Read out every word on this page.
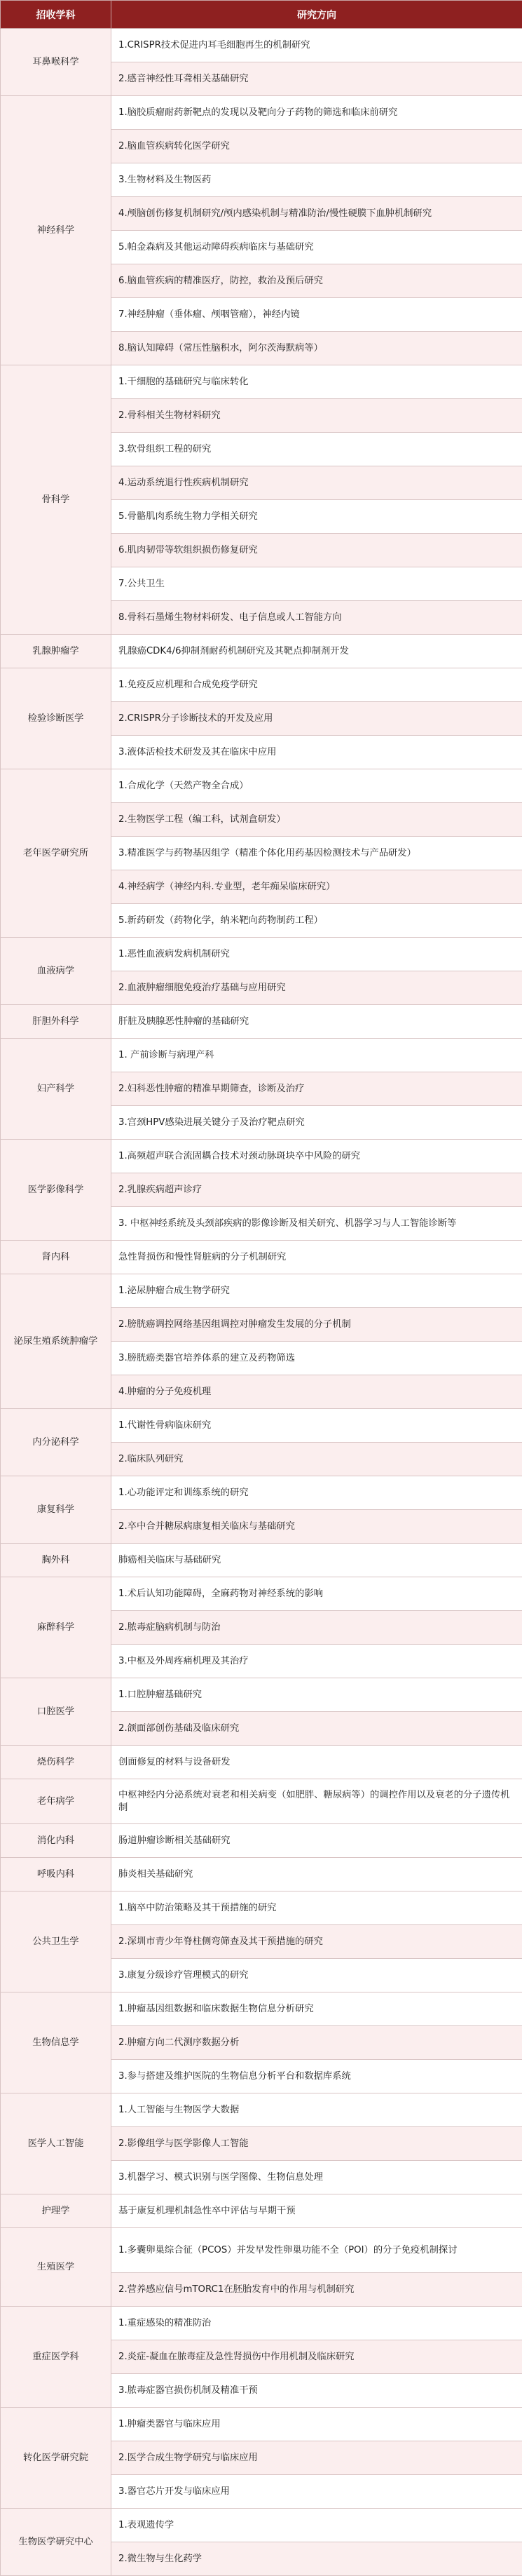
招收学科	研究方向
耳鼻喉科学	1.CRISPR技术促进内耳毛细胞再生的机制研究
	2.感音神经性耳聋相关基础研究
神经科学	1.脑胶质瘤耐药新靶点的发现以及靶向分子药物的筛选和临床前研究
	2.脑血管疾病转化医学研究
	3.生物材料及生物医药
	4.颅脑创伤修复机制研究/颅内感染机制与精准防治/慢性硬膜下血肿机制研究
	5.帕金森病及其他运动障碍疾病临床与基础研究
	6.脑血管疾病的精准医疗，防控，救治及预后研究
	7.神经肿瘤（垂体瘤、颅咽管瘤），神经内镜
	8.脑认知障碍（常压性脑积水，阿尔茨海默病等）
骨科学	1.干细胞的基础研究与临床转化
	2.骨科相关生物材料研究
	3.软骨组织工程的研究
	4.运动系统退行性疾病机制研究
	5.骨骼肌肉系统生物力学相关研究
	6.肌肉韧带等软组织损伤修复研究
	7.公共卫生
	8.骨科石墨烯生物材料研发、电子信息或人工智能方向
乳腺肿瘤学	乳腺癌CDK4/6抑制剂耐药机制研究及其靶点抑制剂开发
检验诊断医学	1.免疫反应机理和合成免疫学研究
	2.CRISPR分子诊断技术的开发及应用
	3.液体活检技术研发及其在临床中应用
老年医学研究所	1.合成化学（天然产物全合成）
	2.生物医学工程（编工科，试剂盒研发）
	3.精准医学与药物基因组学（精准个体化用药基因检测技术与产品研发）
	4.神经病学（神经内科.专业型，老年痴呆临床研究）
	5.新药研发（药物化学，纳米靶向药物制药工程）
血液病学	1.恶性血液病发病机制研究
	2.血液肿瘤细胞免疫治疗基础与应用研究
肝胆外科学	肝脏及胰腺恶性肿瘤的基础研究
妇产科学	1. 产前诊断与病理产科
	2.妇科恶性肿瘤的精准早期筛查，诊断及治疗
	3.宫颈HPV感染进展关键分子及治疗靶点研究
医学影像科学	1.高频超声联合流固耦合技术对颈动脉斑块卒中风险的研究
	2.乳腺疾病超声诊疗
	3. 中枢神经系统及头颈部疾病的影像诊断及相关研究、机器学习与人工智能诊断等
肾内科	急性肾损伤和慢性肾脏病的分子机制研究
泌尿生殖系统肿瘤学	1.泌尿肿瘤合成生物学研究
	2.膀胱癌调控网络基因组调控对肿瘤发生发展的分子机制
	3.膀胱癌类器官培养体系的建立及药物筛选
	4.肿瘤的分子免疫机理
内分泌科学	1.代谢性骨病临床研究
	2.临床队列研究
康复科学	1.心功能评定和训练系统的研究
	2.卒中合并糖尿病康复相关临床与基础研究
胸外科	肺癌相关临床与基础研究
麻醉科学	1.术后认知功能障碍，全麻药物对神经系统的影响
	2.脓毒症脑病机制与防治
	3.中枢及外周疼痛机理及其治疗
口腔医学	1.口腔肿瘤基础研究
	2.颌面部创伤基础及临床研究
烧伤科学	创面修复的材料与设备研发
老年病学	中枢神经内分泌系统对衰老和相关病变（如肥胖、糖尿病等）的调控作用以及衰老的分子遗传机制
消化内科	肠道肿瘤诊断相关基础研究
呼吸内科	肺炎相关基础研究
公共卫生学	1.脑卒中防治策略及其干预措施的研究
	2.深圳市青少年脊柱侧弯筛查及其干预措施的研究
	3.康复分级诊疗管理模式的研究
生物信息学	1.肿瘤基因组数据和临床数据生物信息分析研究
	2.肿瘤方向二代测序数据分析
	3.参与搭建及维护医院的生物信息分析平台和数据库系统
医学人工智能	1.人工智能与生物医学大数据
	2.影像组学与医学影像人工智能
	3.机器学习、模式识别与医学图像、生物信息处理
护理学	基于康复机理机制急性卒中评估与早期干预
生殖医学	1.多囊卵巢综合征（PCOS）并发早发性卵巢功能不全（POI）的分子免疫机制探讨
	2.营养感应信号mTORC1在胚胎发育中的作用与机制研究
重症医学科	1.重症感染的精准防治
	2.炎症-凝血在脓毒症及急性肾损伤中作用机制及临床研究
	3.脓毒症器官损伤机制及精准干预
转化医学研究院	1.肿瘤类器官与临床应用
	2.医学合成生物学研究与临床应用
	3.器官芯片开发与临床应用
生物医学研究中心	1.表观遗传学
	2.微生物与生化药学
